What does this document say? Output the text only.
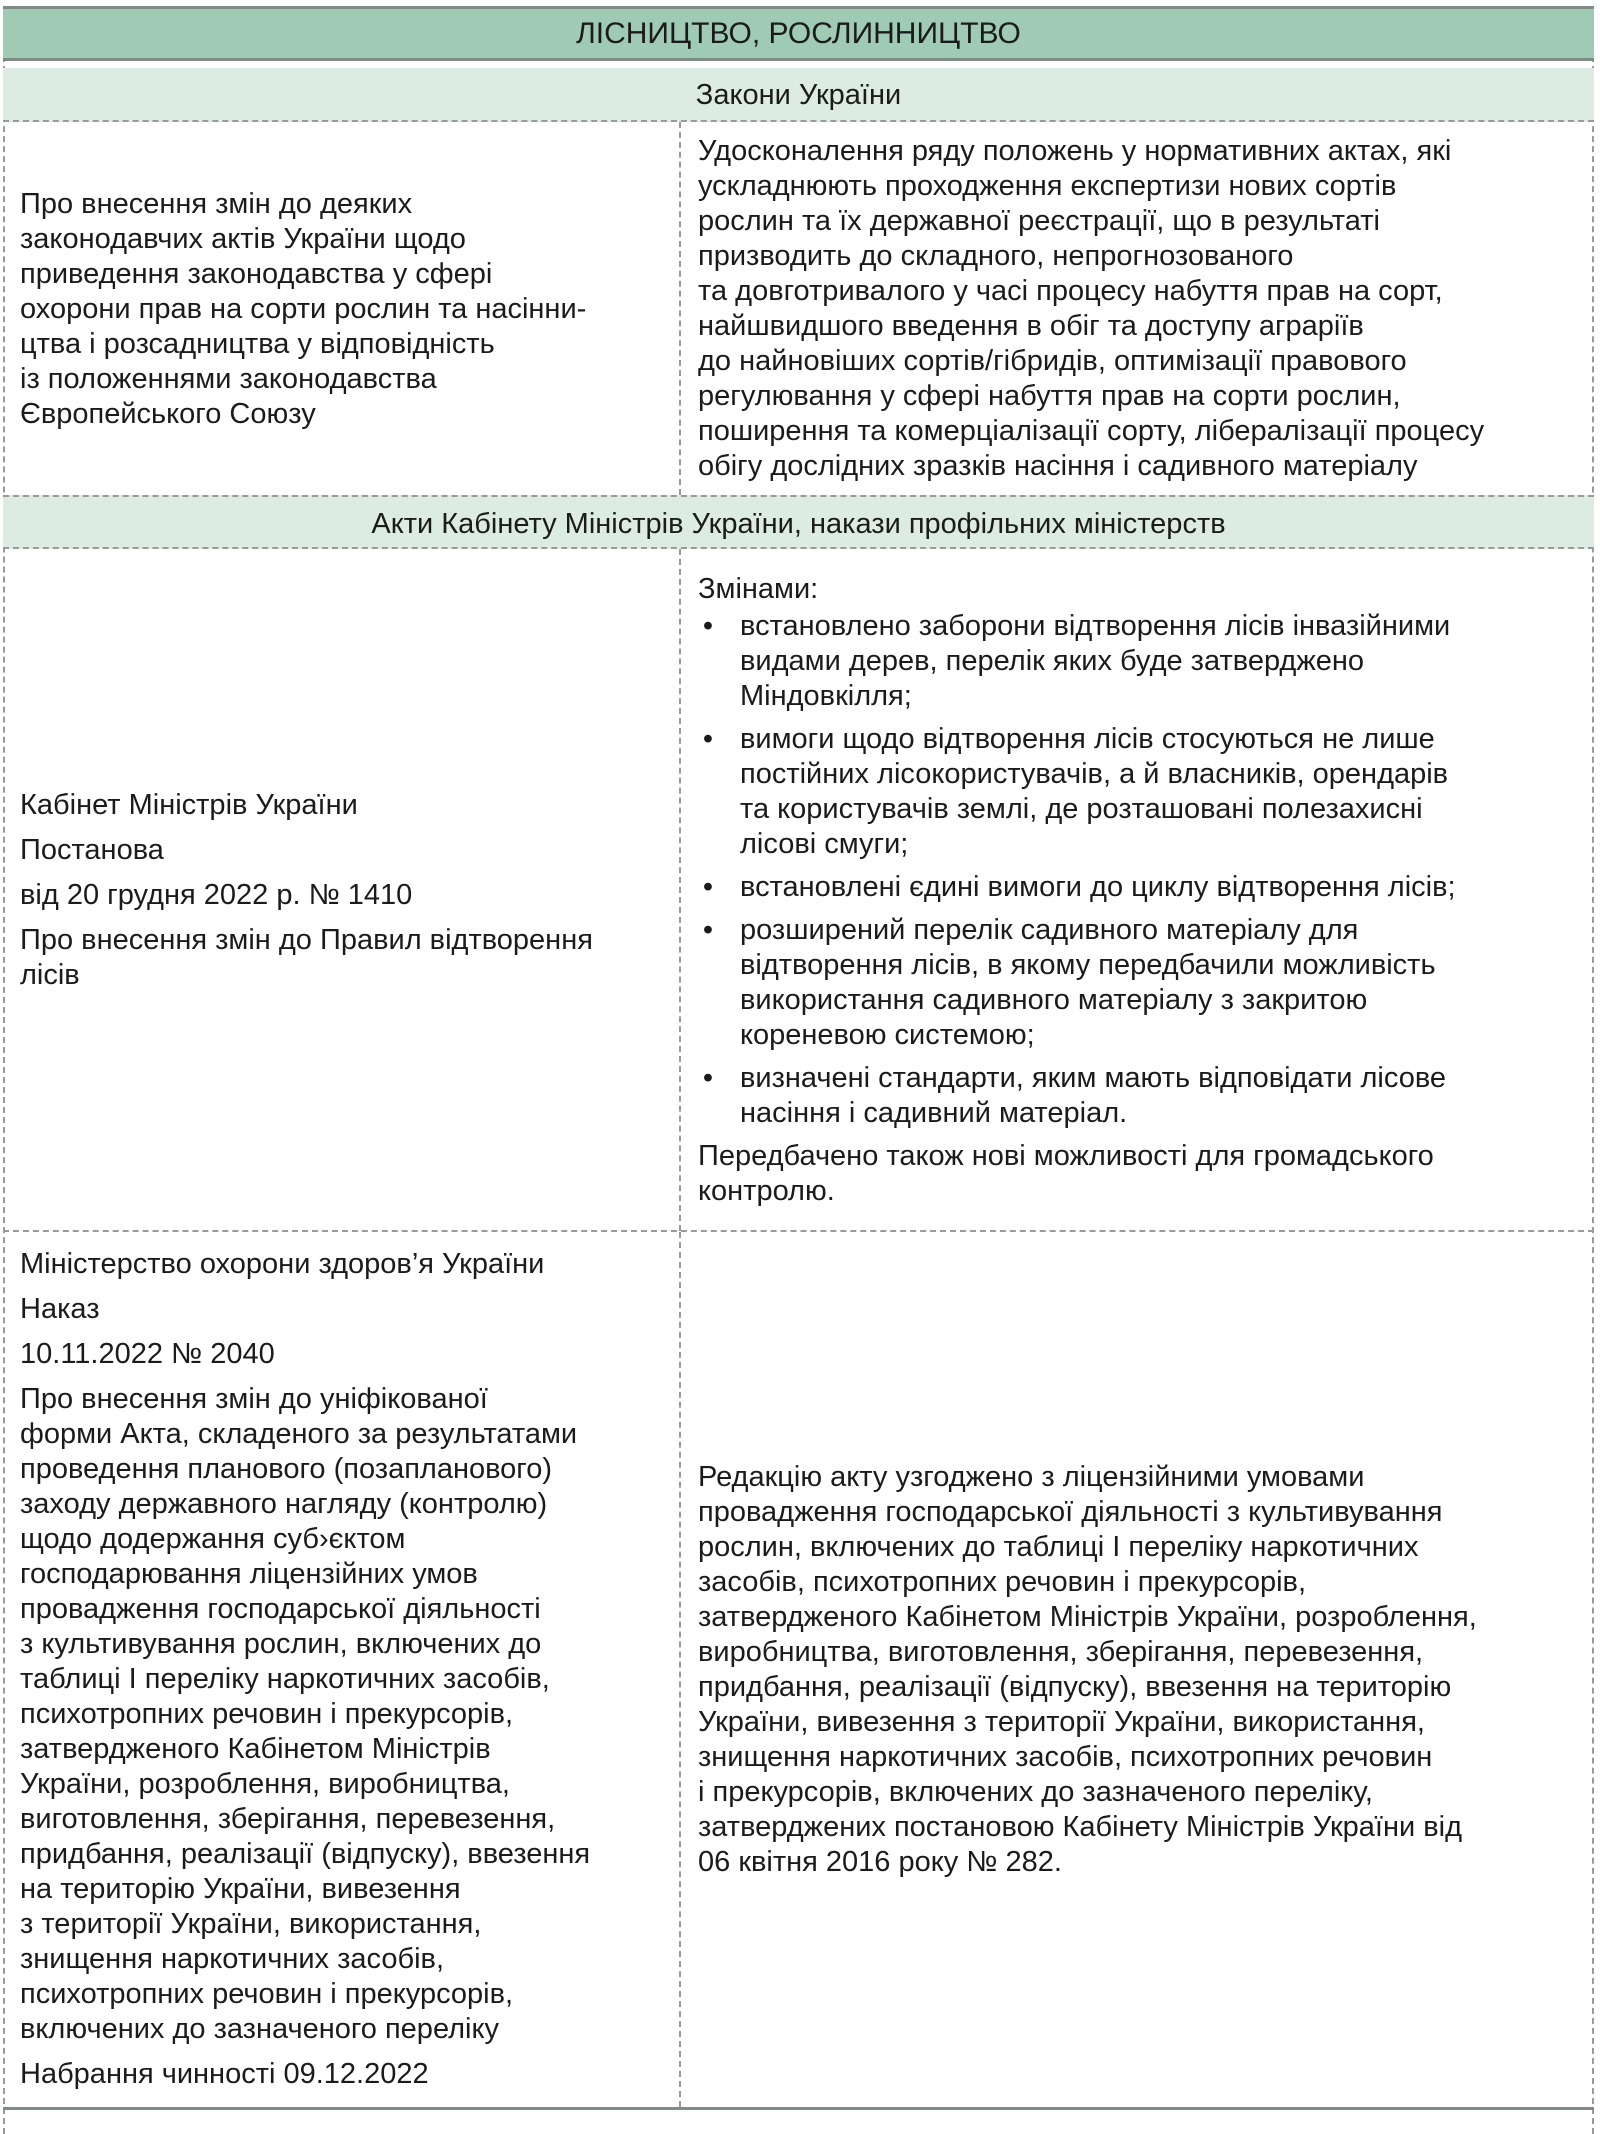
ЛІСНИЦТВО, РОСЛИННИЦТВО
Закони України
Про внесення змін до деяких
законодавчих актів України щодо
приведення законодавства у сфері
охорони прав на сорти рослин та насінни-
цтва і розсадництва у відповідність
із положеннями законодавства
Європейського Союзу
Удосконалення ряду положень у нормативних актах, які
ускладнюють проходження експертизи нових сортів
рослин та їх державної реєстрації, що в результаті
призводить до складного, непрогнозованого
та довготривалого у часі процесу набуття прав на сорт,
найшвидшого введення в обіг та доступу аграріїв
до найновіших сортів/гібридів, оптимізації правового
регулювання у сфері набуття прав на сорти рослин,
поширення та комерціалізації сорту, лібералізації процесу
обігу дослідних зразків насіння і садивного матеріалу
Акти Кабінету Міністрів України, накази профільних міністерств
Кабінет Міністрів України
Постанова
від 20 грудня 2022 р. № 1410
Про внесення змін до Правил відтворення
лісів
Змінами:
• встановлено заборони відтворення лісів інвазійними
видами дерев, перелік яких буде затверджено
Міндовкілля;
• вимоги щодо відтворення лісів стосуються не лише
постійних лісокористувачів, а й власників, орендарів
та користувачів землі, де розташовані полезахисні
лісові смуги;
• встановлені єдині вимоги до циклу відтворення лісів;
• розширений перелік садивного матеріалу для
відтворення лісів, в якому передбачили можливість
використання садивного матеріалу з закритою
кореневою системою;
• визначені стандарти, яким мають відповідати лісове
насіння і садивний матеріал.
Передбачено також нові можливості для громадського
контролю.
Міністерство охорони здоров’я України
Наказ
10.11.2022 № 2040
Про внесення змін до уніфікованої
форми Акта, складеного за результатами
проведення планового (позапланового)
заходу державного нагляду (контролю)
щодо додержання суб›єктом
господарювання ліцензійних умов
провадження господарської діяльності
з культивування рослин, включених до
таблиці І переліку наркотичних засобів,
психотропних речовин і прекурсорів,
затвердженого Кабінетом Міністрів
України, розроблення, виробництва,
виготовлення, зберігання, перевезення,
придбання, реалізації (відпуску), ввезення
на територію України, вивезення
з території України, використання,
знищення наркотичних засобів,
психотропних речовин і прекурсорів,
включених до зазначеного переліку
Набрання чинності 09.12.2022
Редакцію акту узгоджено з ліцензійними умовами
провадження господарської діяльності з культивування
рослин, включених до таблиці І переліку наркотичних
засобів, психотропних речовин і прекурсорів,
затвердженого Кабінетом Міністрів України, розроблення,
виробництва, виготовлення, зберігання, перевезення,
придбання, реалізації (відпуску), ввезення на територію
України, вивезення з території України, використання,
знищення наркотичних засобів, психотропних речовин
і прекурсорів, включених до зазначеного переліку,
затверджених постановою Кабінету Міністрів України від
06 квітня 2016 року № 282.
